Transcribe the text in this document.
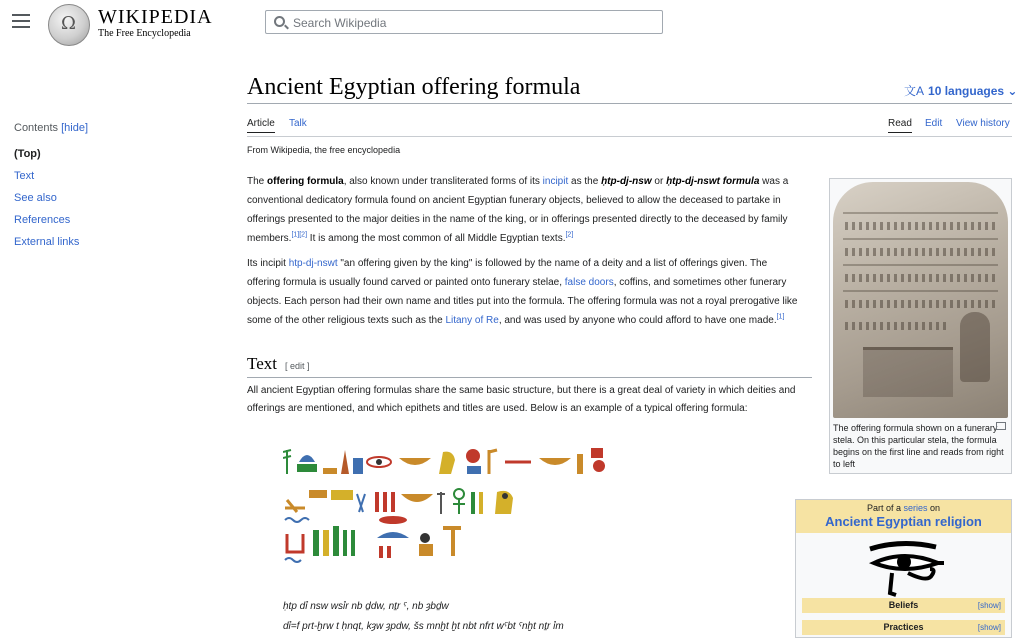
Ω
WIKIPEDIA
The Free Encyclopedia
Search Wikipedia
Contents [hide]
(Top)
Text
See also
References
External links
Ancient Egyptian offering formula	文A 10 languages ⌄
Article Talk	Read Edit View history
From Wikipedia, the free encyclopedia

The offering formula, also known under transliterated forms of its incipit as the ḥtp-dj-nsw or ḥtp-dj-nswt formula was a conventional dedicatory formula found on ancient Egyptian funerary objects, believed to allow the deceased to partake in offerings presented to the major deities in the name of the king, or in offerings presented directly to the deceased by family members.[1][2] It is among the most common of all Middle Egyptian texts.[2]

Its incipit htp-dj-nswt "an offering given by the king" is followed by the name of a deity and a list of offerings given. The offering formula is usually found carved or painted onto funerary stelae, false doors, coffins, and sometimes other funerary objects. Each person had their own name and titles put into the formula. The offering formula was not a royal prerogative like some of the other religious texts such as the Litany of Re, and was used by anyone who could afford to have one made.[1]

Text [ edit ]
All ancient Egyptian offering formulas share the same basic structure, but there is a great deal of variety in which deities and offerings are mentioned, and which epithets and titles are used. Below is an example of a typical offering formula:
ḥtp dỉ nsw wsỉr nb ḏdw, nṯr ˤ, nb ȝbḏw
dỉ=f prt-ḫrw t ḥnqt, kȝw ȝpdw, šs mnḫt ḫt nbt nfrt wˤbt ˤnḫt nṯr ỉm
The offering formula shown on a funerary stela. On this particular stela, the formula begins on the first line and reads from right to left
Part of a series on
Ancient Egyptian religion
Beliefs	[show]
Practices	[show]
